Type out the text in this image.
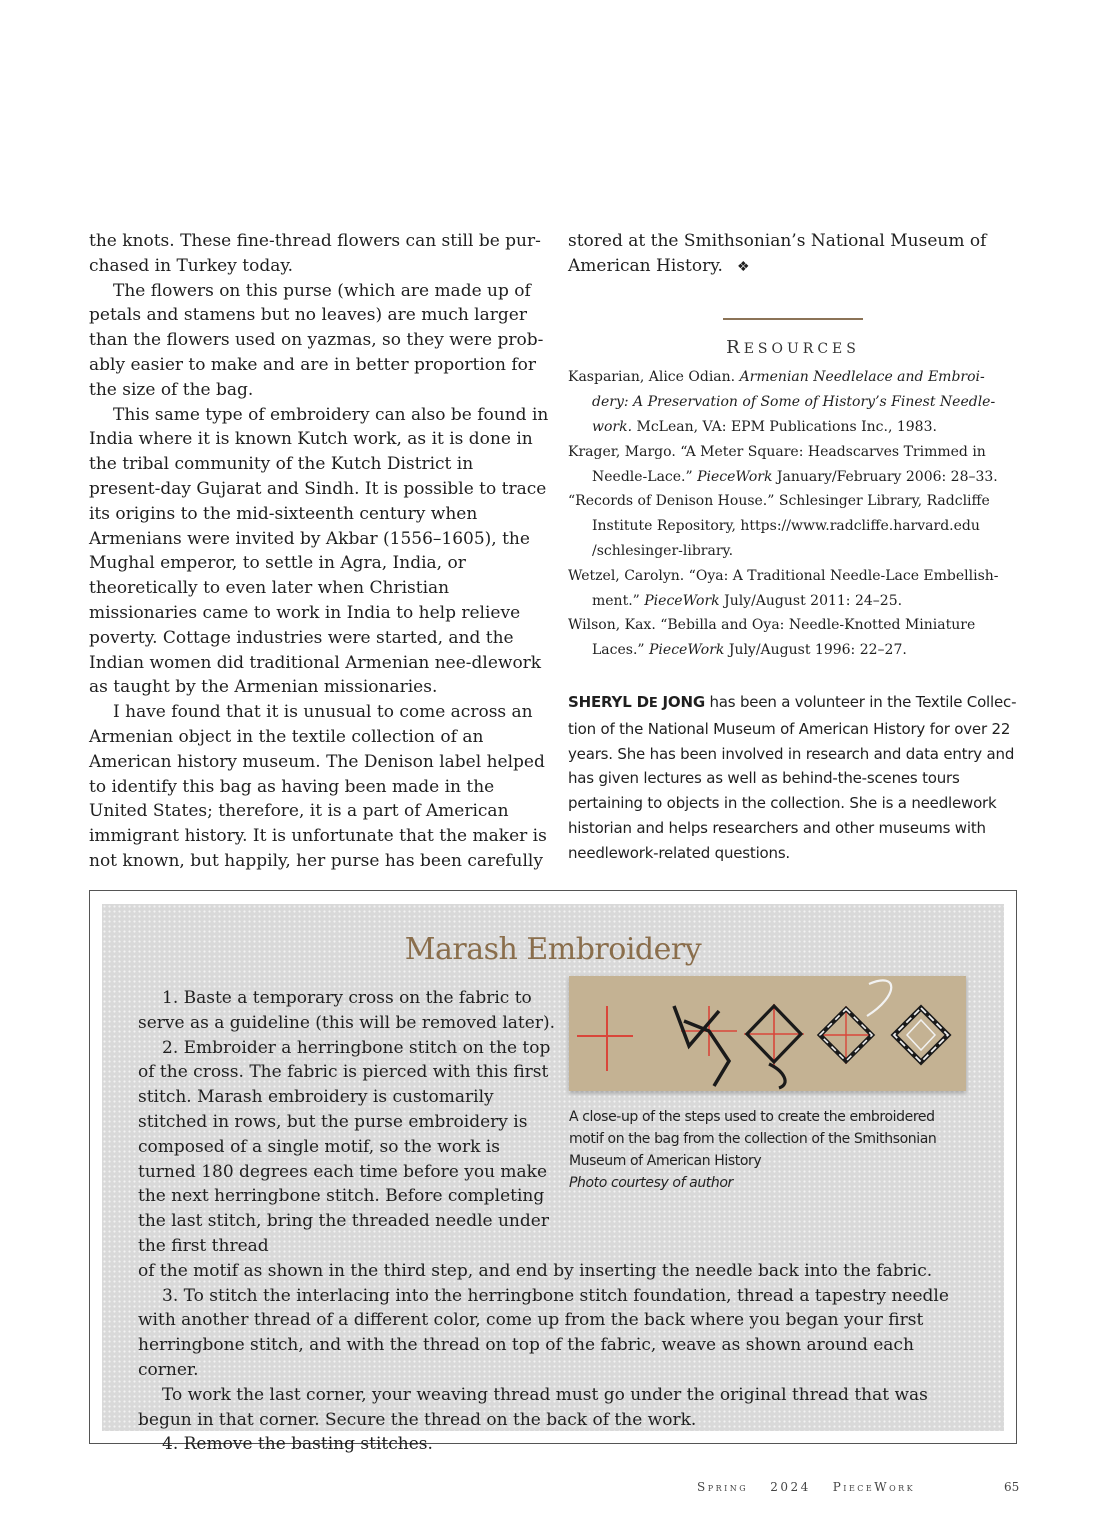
the knots. These fine-thread flowers can still be pur-chased in Turkey today.

The flowers on this purse (which are made up of petals and stamens but no leaves) are much larger than the flowers used on yazmas, so they were prob-ably easier to make and are in better proportion for the size of the bag.

This same type of embroidery can also be found in India where it is known Kutch work, as it is done in the tribal community of the Kutch District in present-day Gujarat and Sindh. It is possible to trace its origins to the mid-sixteenth century when Armenians were invited by Akbar (1556–1605), the Mughal emperor, to settle in Agra, India, or theoretically to even later when Christian missionaries came to work in India to help relieve poverty. Cottage industries were started, and the Indian women did traditional Armenian nee-dlework as taught by the Armenian missionaries.

I have found that it is unusual to come across an Armenian object in the textile collection of an American history museum. The Denison label helped to identify this bag as having been made in the United States; therefore, it is a part of American immigrant history. It is unfortunate that the maker is not known, but happily, her purse has been carefully

stored at the Smithsonian’s National Museum of American History. ❖

RESOURCES

Kasparian, Alice Odian. Armenian Needlelace and Embroi-dery: A Preservation of Some of History’s Finest Needle-work. McLean, VA: EPM Publications Inc., 1983.

Krager, Margo. “A Meter Square: Headscarves Trimmed in Needle-Lace.” PieceWork January/February 2006: 28–33.

“Records of Denison House.” Schlesinger Library, Radcliffe Institute Repository, https://www.radcliffe.harvard.edu /schlesinger-library.

Wetzel, Carolyn. “Oya: A Traditional Needle-Lace Embellish-ment.” PieceWork July/August 2011: 24–25.

Wilson, Kax. “Bebilla and Oya: Needle-Knotted Miniature Laces.” PieceWork July/August 1996: 22–27.

SHERYL DE JONG has been a volunteer in the Textile Collec-tion of the National Museum of American History for over 22 years. She has been involved in research and data entry and has given lectures as well as behind-the-scenes tours pertaining to objects in the collection. She is a needlework historian and helps researchers and other museums with needlework-related questions.
Marash Embroidery
A close-up of the steps used to create the embroidered motif on the bag from the collection of the Smithsonian Museum of American History
Photo courtesy of author

1. Baste a temporary cross on the fabric to serve as a guideline (this will be removed later).

2. Embroider a herringbone stitch on the top of the cross. The fabric is pierced with this first stitch. Marash embroidery is customarily stitched in rows, but the purse embroidery is composed of a single motif, so the work is turned 180 degrees each time before you make the next herringbone stitch. Before completing the last stitch, bring the threaded needle under the first thread

of the motif as shown in the third step, and end by inserting the needle back into the fabric.

3. To stitch the interlacing into the herringbone stitch foundation, thread a tapestry needle with another thread of a different color, come up from the back where you began your first herringbone stitch, and with the thread on top of the fabric, weave as shown around each corner.

To work the last corner, your weaving thread must go under the original thread that was begun in that corner. Secure the thread on the back of the work.

4. Remove the basting stitches.

Spring 2024 PieceWork	65
